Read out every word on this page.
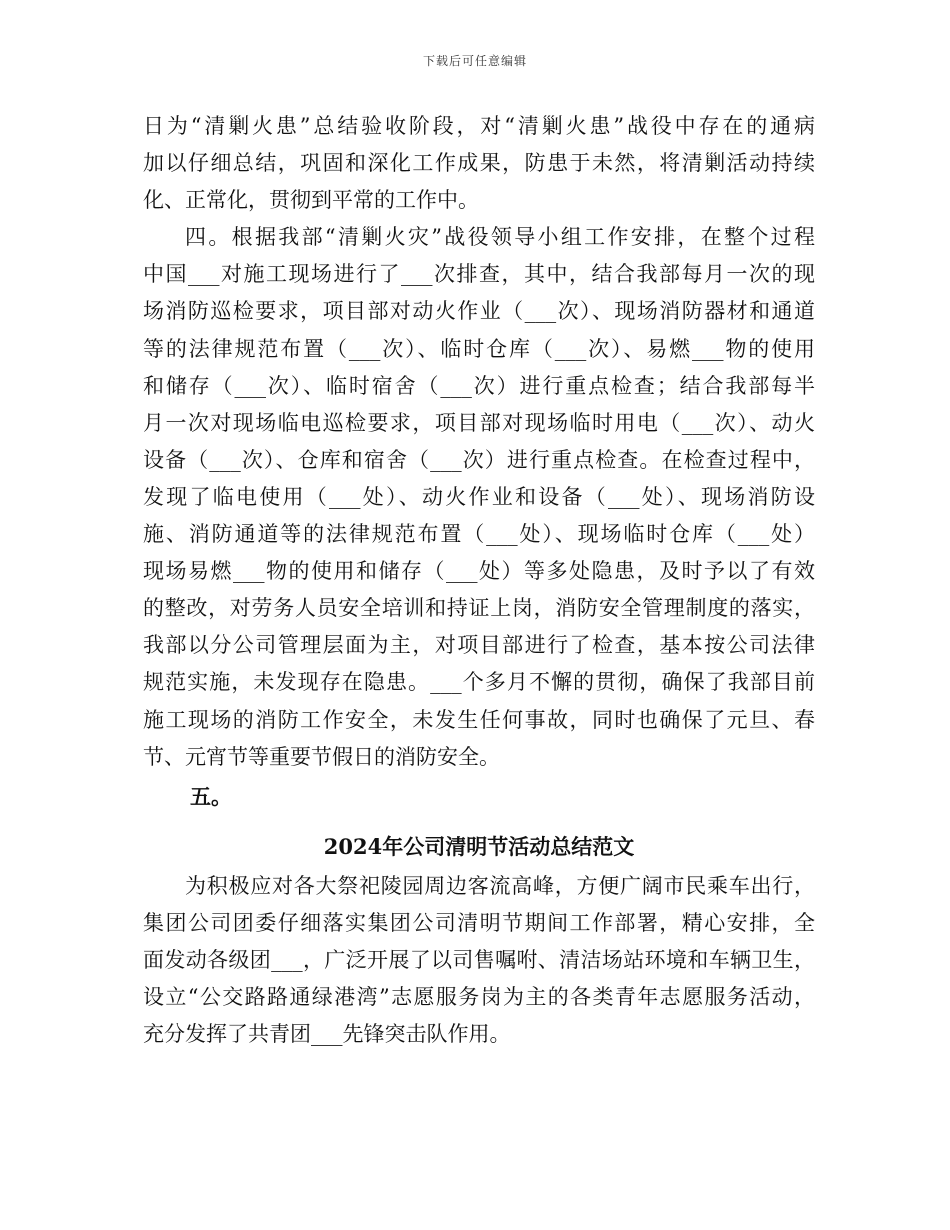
下载后可任意编辑
日为“清剿火患”总结验收阶段，对“清剿火患”战役中存在的通病
加以仔细总结，巩固和深化工作成果，防患于未然，将清剿活动持续
化、正常化，贯彻到平常的工作中。
四。根据我部“清剿火灾”战役领导小组工作安排，在整个过程
中国___对施工现场进行了___次排查，其中，结合我部每月一次的现
场消防巡检要求，项目部对动火作业（___次）、现场消防器材和通道
等的法律规范布置（___次）、临时仓库（___次）、易燃___物的使用
和储存（___次）、临时宿舍（___次）进行重点检查；结合我部每半
月一次对现场临电巡检要求，项目部对现场临时用电（___次）、动火
设备（___次）、仓库和宿舍（___次）进行重点检查。在检查过程中，
发现了临电使用（___处）、动火作业和设备（___处）、现场消防设
施、消防通道等的法律规范布置（___处）、现场临时仓库（___处）
现场易燃___物的使用和储存（___处）等多处隐患，及时予以了有效
的整改，对劳务人员安全培训和持证上岗，消防安全管理制度的落实，
我部以分公司管理层面为主，对项目部进行了检查，基本按公司法律
规范实施，未发现存在隐患。___个多月不懈的贯彻，确保了我部目前
施工现场的消防工作安全，未发生任何事故，同时也确保了元旦、春
节、元宵节等重要节假日的消防安全。
五。
2024年公司清明节活动总结范文
为积极应对各大祭祀陵园周边客流高峰，方便广阔市民乘车出行，
集团公司团委仔细落实集团公司清明节期间工作部署，精心安排，全
面发动各级团___，广泛开展了以司售嘱咐、清洁场站环境和车辆卫生，
设立“公交路路通绿港湾”志愿服务岗为主的各类青年志愿服务活动，
充分发挥了共青团___先锋突击队作用。
